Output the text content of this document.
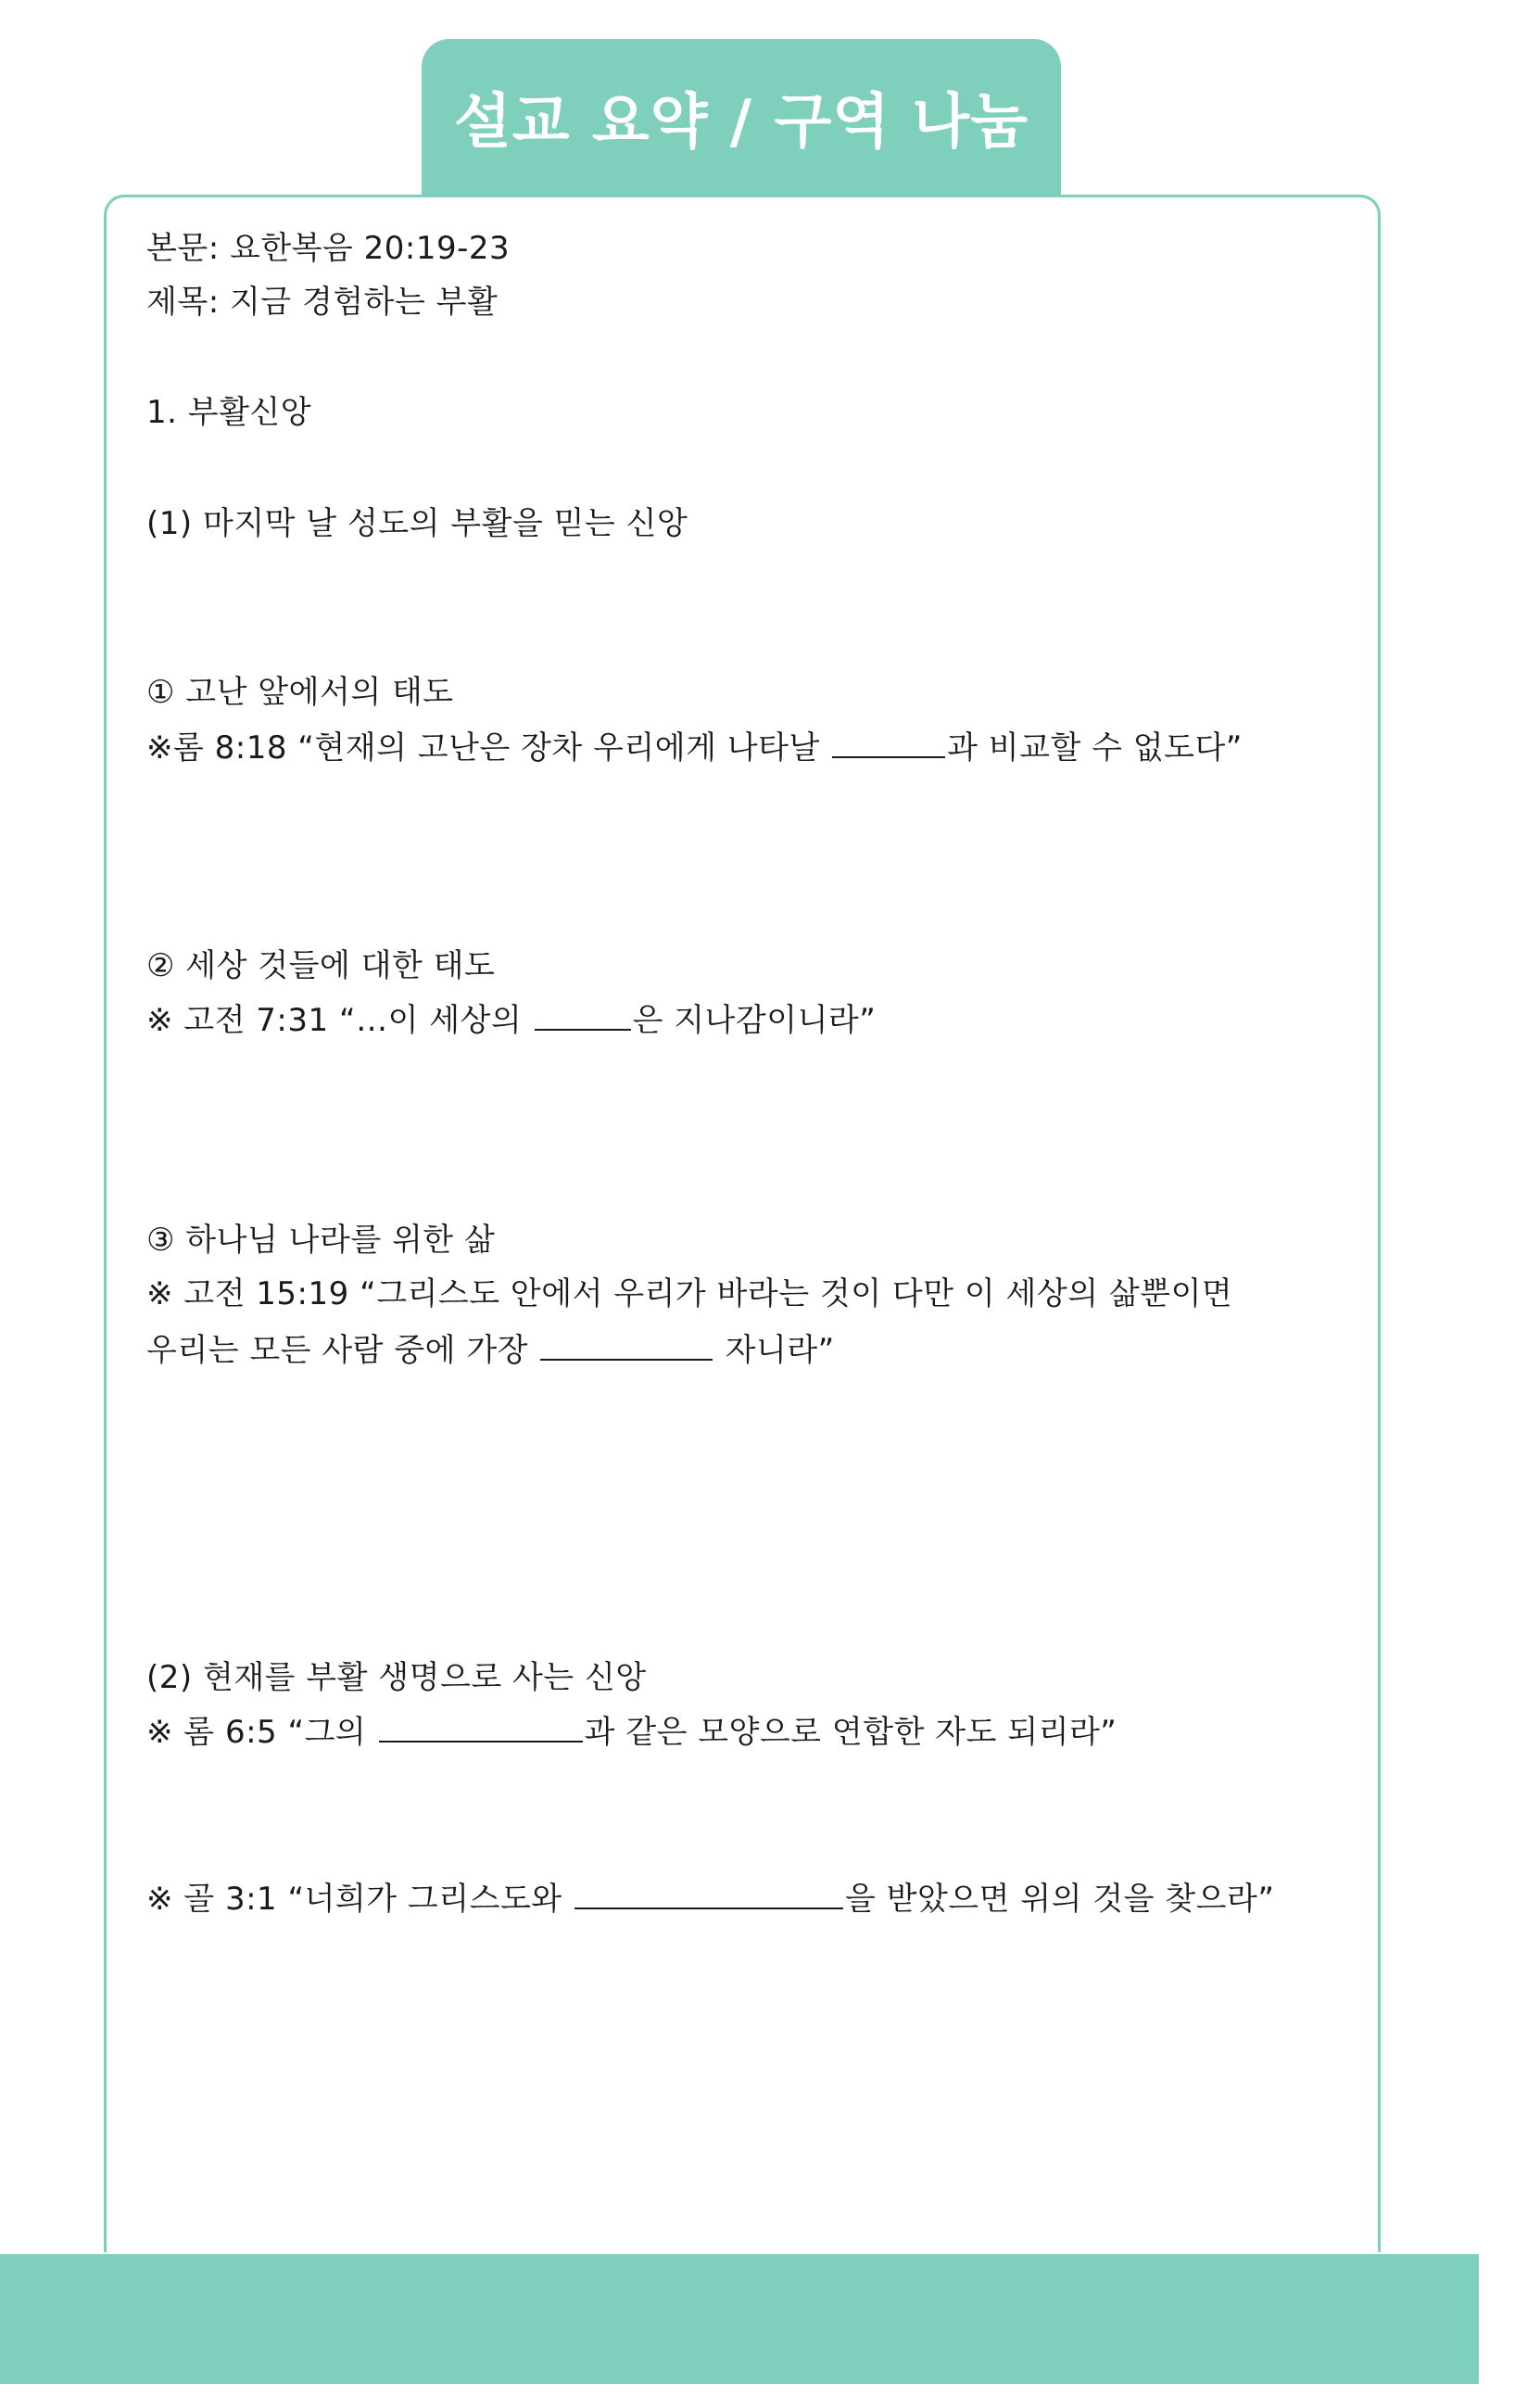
설교 요약 / 구역 나눔
본문: 요한복음 20:19-23
제목: 지금 경험하는 부활
1. 부활신앙
(1) 마지막 날 성도의 부활을 믿는 신앙
① 고난 앞에서의 태도
※롬 8:18 “현재의 고난은 장차 우리에게 나타날	과 비교할 수 없도다”
② 세상 것들에 대한 태도
※ 고전 7:31 “…이 세상의	은 지나감이니라”
③ 하나님 나라를 위한 삶
※ 고전 15:19 “그리스도 안에서 우리가 바라는 것이 다만 이 세상의 삶뿐이면
우리는 모든 사람 중에 가장	자니라”
(2) 현재를 부활 생명으로 사는 신앙
※ 롬 6:5 “그의	과 같은 모양으로 연합한 자도 되리라”
※ 골 3:1 “너희가 그리스도와	을 받았으면 위의 것을 찾으라”
